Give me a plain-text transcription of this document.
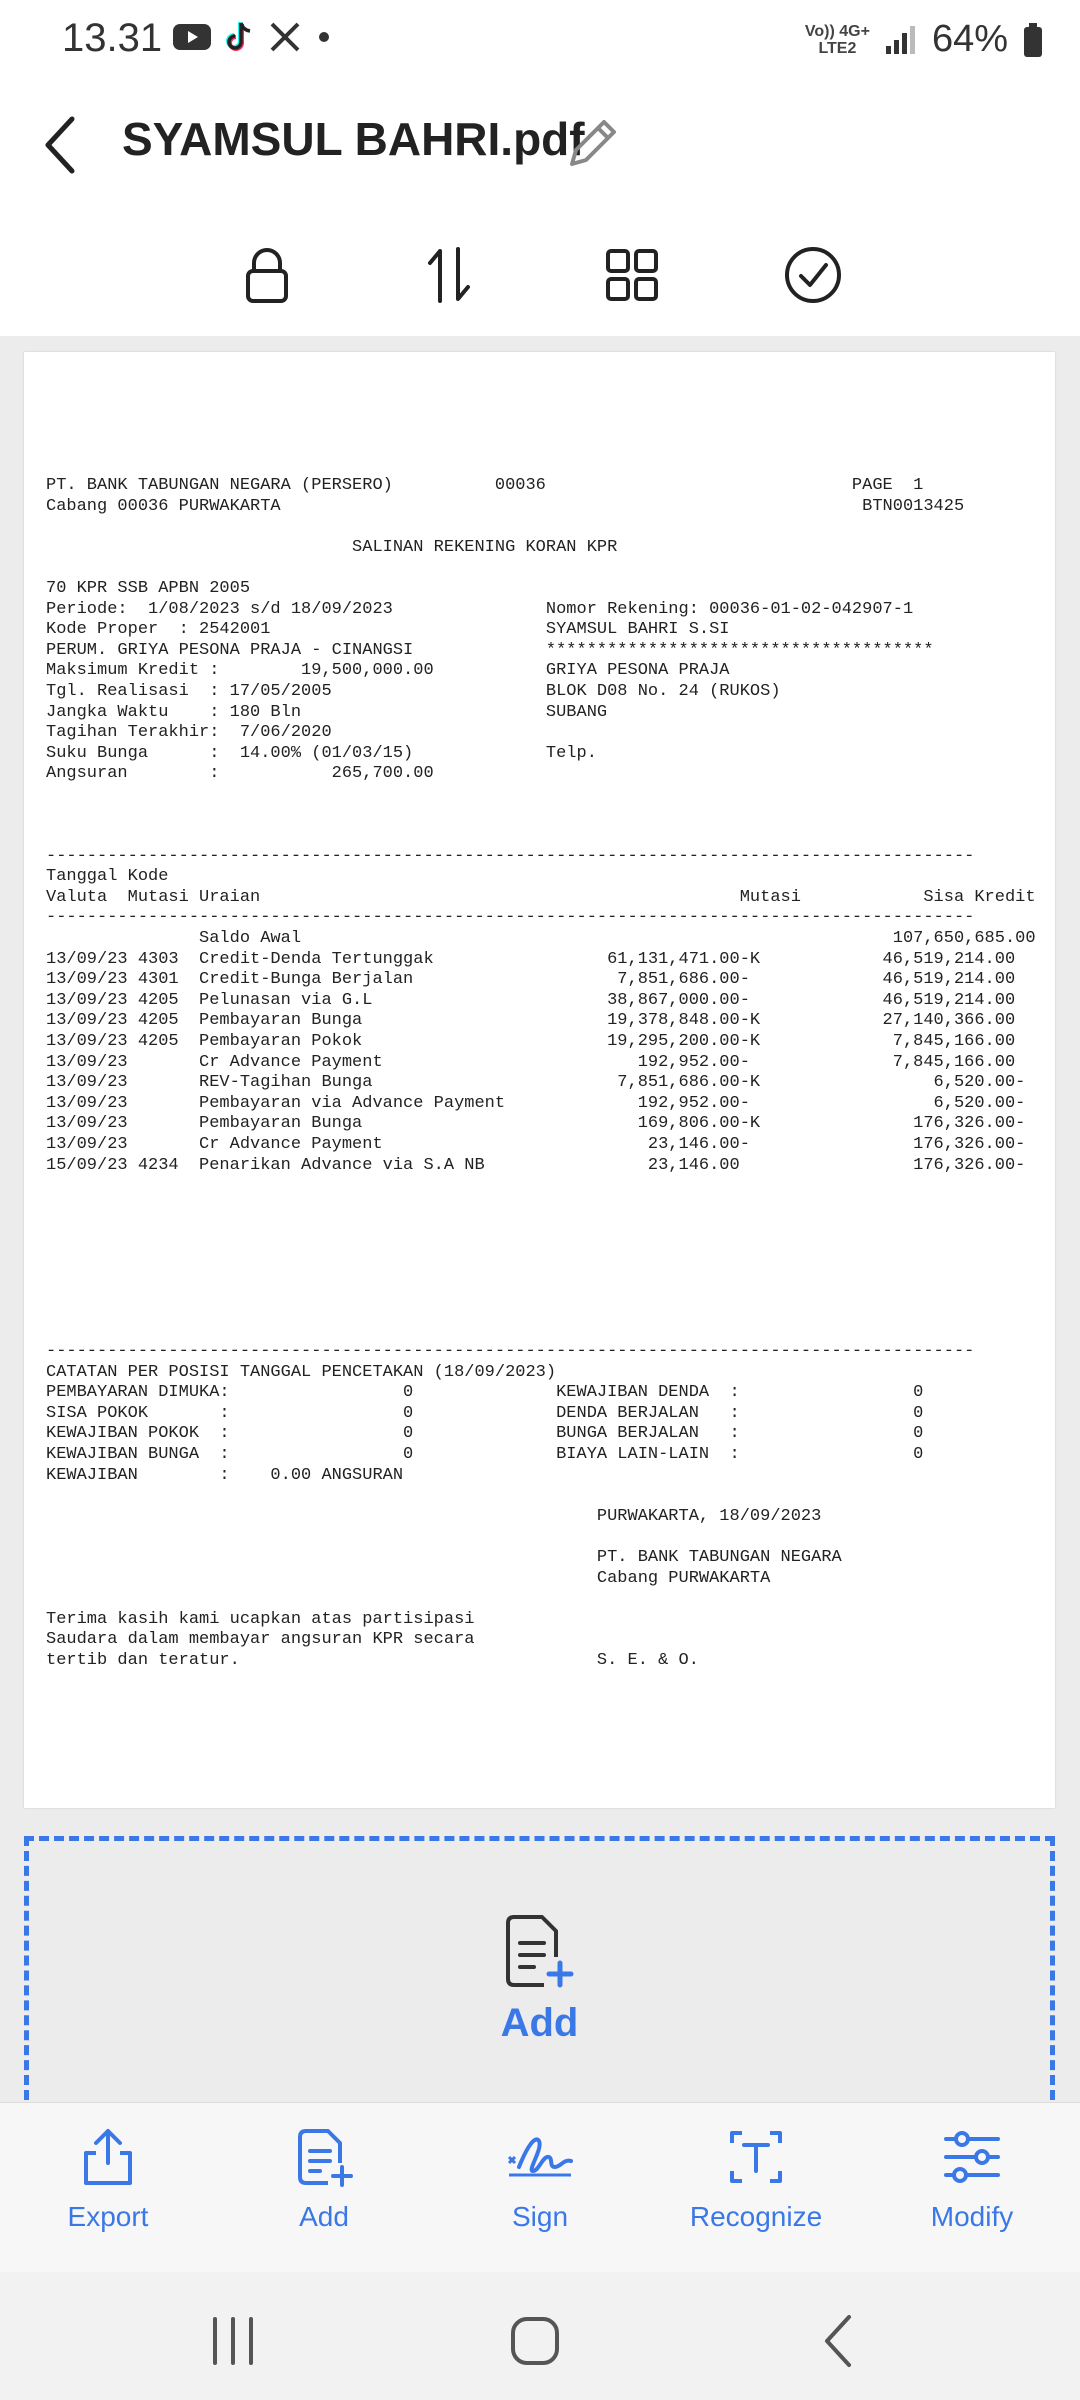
13.31	Vo)) 4G+
LTE2	64%
SYAMSUL BAHRI.pdf
PT. BANK TABUNGAN NEGARA (PERSERO)          00036                              PAGE  1
Cabang 00036 PURWAKARTA                                                         BTN0013425

SALINAN REKENING KORAN KPR

70 KPR SSB APBN 2005
Periode:  1/08/2023 s/d 18/09/2023               Nomor Rekening: 00036-01-02-042907-1
Kode Proper  : 2542001                           SYAMSUL BAHRI S.SI
PERUM. GRIYA PESONA PRAJA - CINANGSI             **************************************
Maksimum Kredit :        19,500,000.00           GRIYA PESONA PRAJA
Tgl. Realisasi  : 17/05/2005                     BLOK D08 No. 24 (RUKOS)
Jangka Waktu    : 180 Bln                        SUBANG
Tagihan Terakhir:  7/06/2020
Suku Bunga      :  14.00% (01/03/15)             Telp.
Angsuran        :           265,700.00

-------------------------------------------------------------------------------------------
Tanggal Kode
Valuta  Mutasi Uraian                                               Mutasi            Sisa Kredit
-------------------------------------------------------------------------------------------
Saldo Awal                                                          107,650,685.00
13/09/23 4303  Credit-Denda Tertunggak                 61,131,471.00-K            46,519,214.00
13/09/23 4301  Credit-Bunga Berjalan                    7,851,686.00-             46,519,214.00
13/09/23 4205  Pelunasan via G.L                       38,867,000.00-             46,519,214.00
13/09/23 4205  Pembayaran Bunga                        19,378,848.00-K            27,140,366.00
13/09/23 4205  Pembayaran Pokok                        19,295,200.00-K             7,845,166.00
13/09/23       Cr Advance Payment                         192,952.00-              7,845,166.00
13/09/23       REV-Tagihan Bunga                        7,851,686.00-K                 6,520.00-
13/09/23       Pembayaran via Advance Payment             192,952.00-                  6,520.00-
13/09/23       Pembayaran Bunga                           169,806.00-K               176,326.00-
13/09/23       Cr Advance Payment                          23,146.00-                176,326.00-
15/09/23 4234  Penarikan Advance via S.A NB                23,146.00                 176,326.00-
-------------------------------------------------------------------------------------------
CATATAN PER POSISI TANGGAL PENCETAKAN (18/09/2023)
PEMBAYARAN DIMUKA:                 0              KEWAJIBAN DENDA  :                 0
SISA POKOK       :                 0              DENDA BERJALAN   :                 0
KEWAJIBAN POKOK  :                 0              BUNGA BERJALAN   :                 0
KEWAJIBAN BUNGA  :                 0              BIAYA LAIN-LAIN  :                 0
KEWAJIBAN        :    0.00 ANGSURAN

PURWAKARTA, 18/09/2023

PT. BANK TABUNGAN NEGARA
Cabang PURWAKARTA

Terima kasih kami ucapkan atas partisipasi
Saudara dalam membayar angsuran KPR secara
tertib dan teratur.                                   S. E. & O.
Add
Export	Add	Sign	Recognize	Modify
